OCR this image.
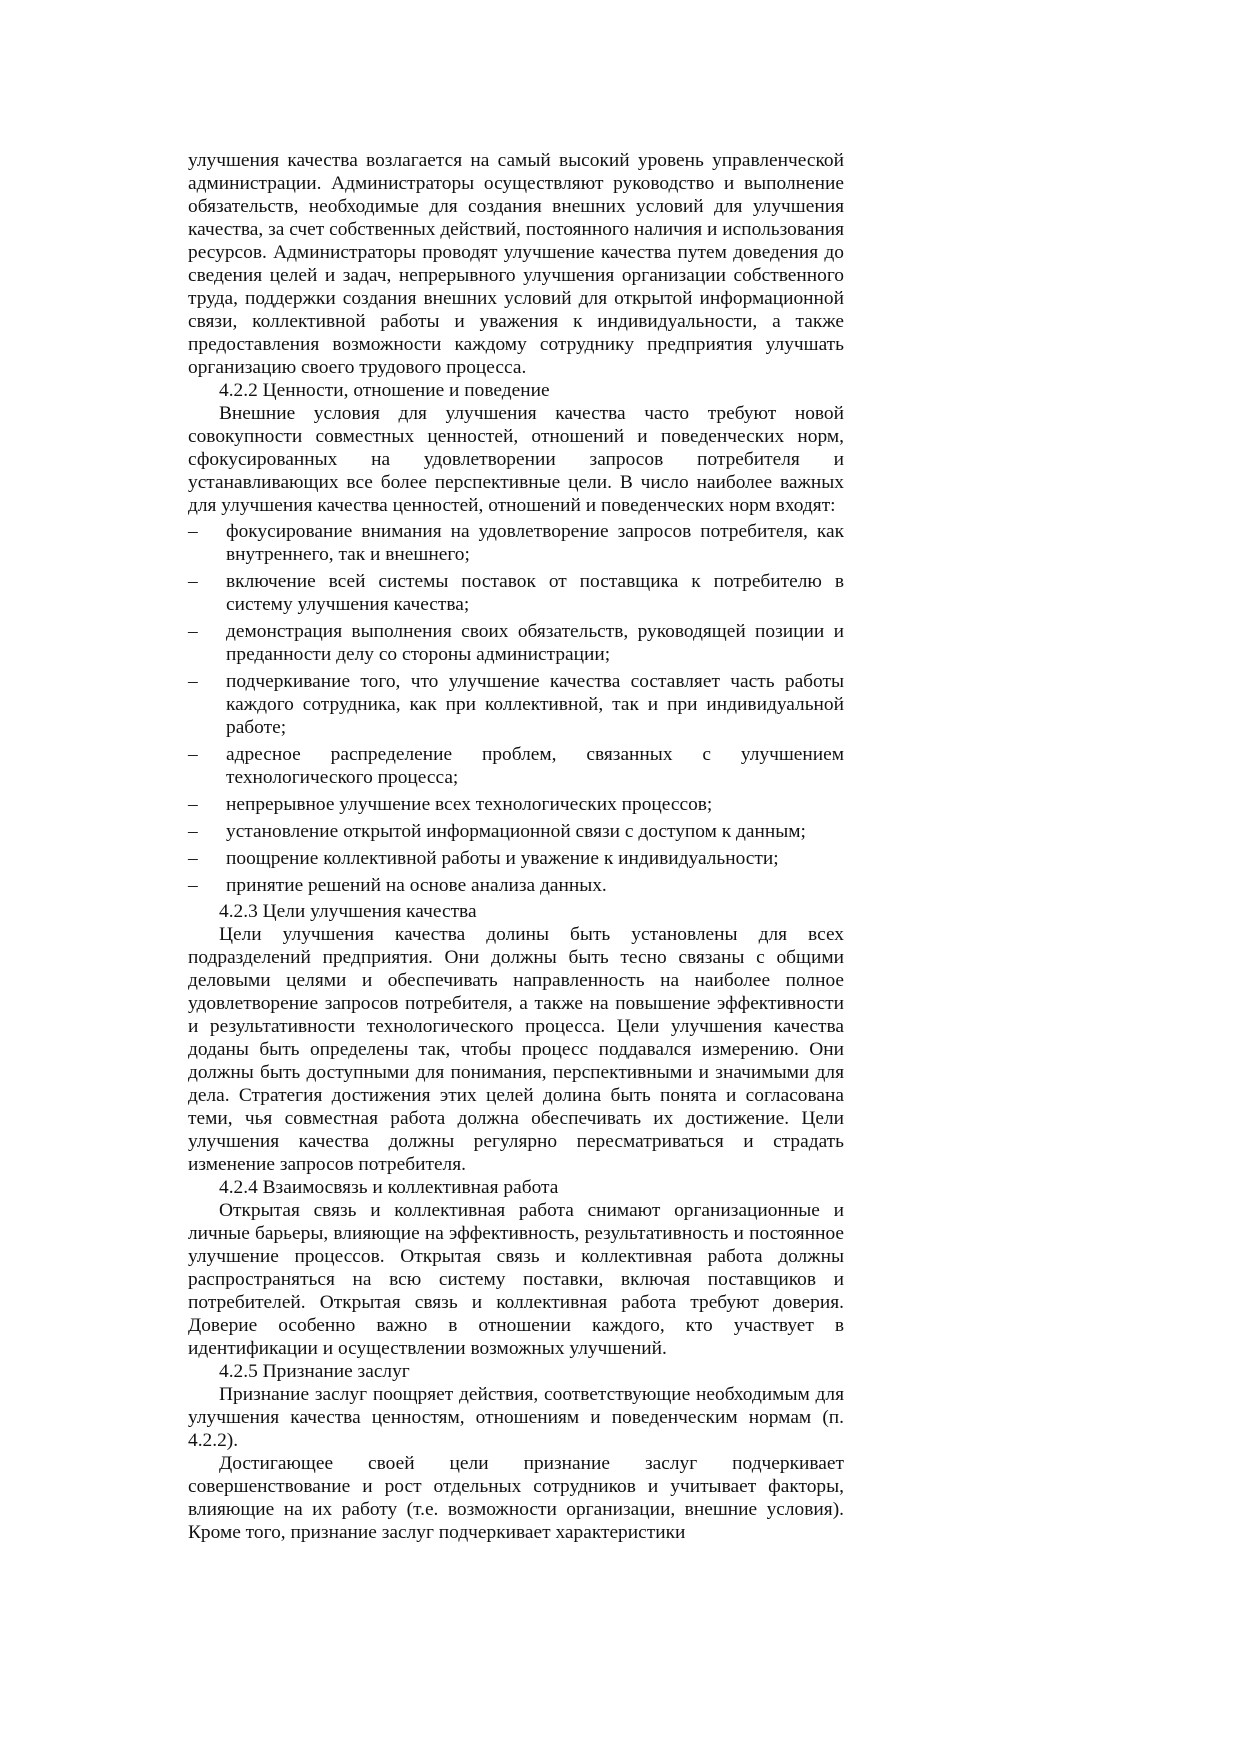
улучшения качества возлагается на самый высокий уровень управленческой администрации. Администраторы осуществляют руководство и выполнение обязательств, необходимые для создания внешних условий для улучшения качества, за счет собственных действий, постоянного наличия и использования ресурсов. Администраторы проводят улучшение качества путем доведения до сведения целей и задач, непрерывного улучшения организации собственного труда, поддержки создания внешних условий для открытой информационной связи, коллективной работы и уважения к индивидуальности, а также предоставления возможности каждому сотруднику предприятия улучшать организацию своего трудового процесса.

4.2.2 Ценности, отношение и поведение

Внешние условия для улучшения качества часто требуют новой совокупности совместных ценностей, отношений и поведенческих норм, сфокусированных на удовлетворении запросов потребителя и устанавливающих все более перспективные цели. В число наиболее важных для улучшения качества ценностей, отношений и поведенческих норм входят:

– фокусирование внимания на удовлетворение запросов потребителя, как внутреннего, так и внешнего;
– включение всей системы поставок от поставщика к потребителю в систему улучшения качества;
– демонстрация выполнения своих обязательств, руководящей позиции и преданности делу со стороны администрации;
– подчеркивание того, что улучшение качества составляет часть работы каждого сотрудника, как при коллективной, так и при индивидуальной работе;
– адресное распределение проблем, связанных с улучшением технологического процесса;
– непрерывное улучшение всех технологических процессов;
– установление открытой информационной связи с доступом к данным;
– поощрение коллективной работы и уважение к индивидуальности;
– принятие решений на основе анализа данных.

4.2.3 Цели улучшения качества

Цели улучшения качества долины быть установлены для всех подразделений предприятия. Они должны быть тесно связаны с общими деловыми целями и обеспечивать направленность на наиболее полное удовлетворение запросов потребителя, а также на повышение эффективности и результативности технологического процесса. Цели улучшения качества доданы быть определены так, чтобы процесс поддавался измерению. Они должны быть доступными для понимания, перспективными и значимыми для дела. Стратегия достижения этих целей долина быть понята и согласована теми, чья совместная работа должна обеспечивать их достижение. Цели улучшения качества должны регулярно пересматриваться и страдать изменение запросов потребителя.

4.2.4 Взаимосвязь и коллективная работа

Открытая связь и коллективная работа снимают организационные и личные барьеры, влияющие на эффективность, результативность и постоянное улучшение процессов. Открытая связь и коллективная работа должны распространяться на всю систему поставки, включая поставщиков и потребителей. Открытая связь и коллективная работа требуют доверия. Доверие особенно важно в отношении каждого, кто участвует в идентификации и осуществлении возможных улучшений.

4.2.5 Признание заслуг

Признание заслуг поощряет действия, соответствующие необходимым для улучшения качества ценностям, отношениям и поведенческим нормам (п. 4.2.2).

Достигающее своей цели признание заслуг подчеркивает совершенствование и рост отдельных сотрудников и учитывает факторы, влияющие на их работу (т.е. возможности организации, внешние условия). Кроме того, признание заслуг подчеркивает характеристики
